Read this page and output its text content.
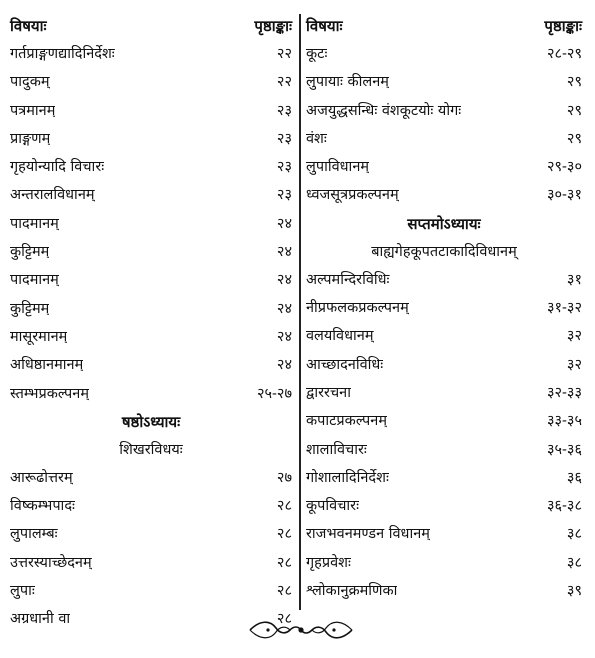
विषयाः	पृष्ठाङ्काः
गर्तप्राङ्गणद्यादिनिर्देशः	२२
पादुकम्	२२
पत्रमानम्	२३
प्राङ्गणम्	२३
गृहयोन्यादि विचारः	२३
अन्तरालविधानम्	२३
पादमानम्	२४
कुट्टिमम्	२४
पादमानम्	२४
कुट्टिमम्	२४
मासूरमानम्	२४
अधिष्ठानमानम्	२४
स्तम्भप्रकल्पनम्	२५-२७
षष्ठोऽध्यायः
शिखरविधयः
आरूढोत्तरम्	२७
विष्कम्भपादः	२८
लुपालम्बः	२८
उत्तरस्याच्छेदनम्	२८
लुपाः	२८
अग्रधानी वा	२८
विषयाः	पृष्ठाङ्काः
कूटः	२८-२९
लुपायाः कीलनम्	२९
अजयुद्धसन्धिः वंशकूटयोः योगः	२९
वंशः	२९
लुपाविधानम्	२९-३०
ध्वजसूत्रप्रकल्पनम्	३०-३१
सप्तमोऽध्यायः
बाह्यगेहकूपतटाकादिविधानम्
अल्पमन्दिरविधिः	३१
नीप्रफलकप्रकल्पनम्	३१-३२
वलयविधानम्	३२
आच्छादनविधिः	३२
द्वाररचना	३२-३३
कपाटप्रकल्पनम्	३३-३५
शालाविचारः	३५-३६
गोशालादिनिर्देशः	३६
कूपविचारः	३६-३८
राजभवनमण्डन विधानम्	३८
गृहप्रवेशः	३८
श्लोकानुक्रमणिका	३९
